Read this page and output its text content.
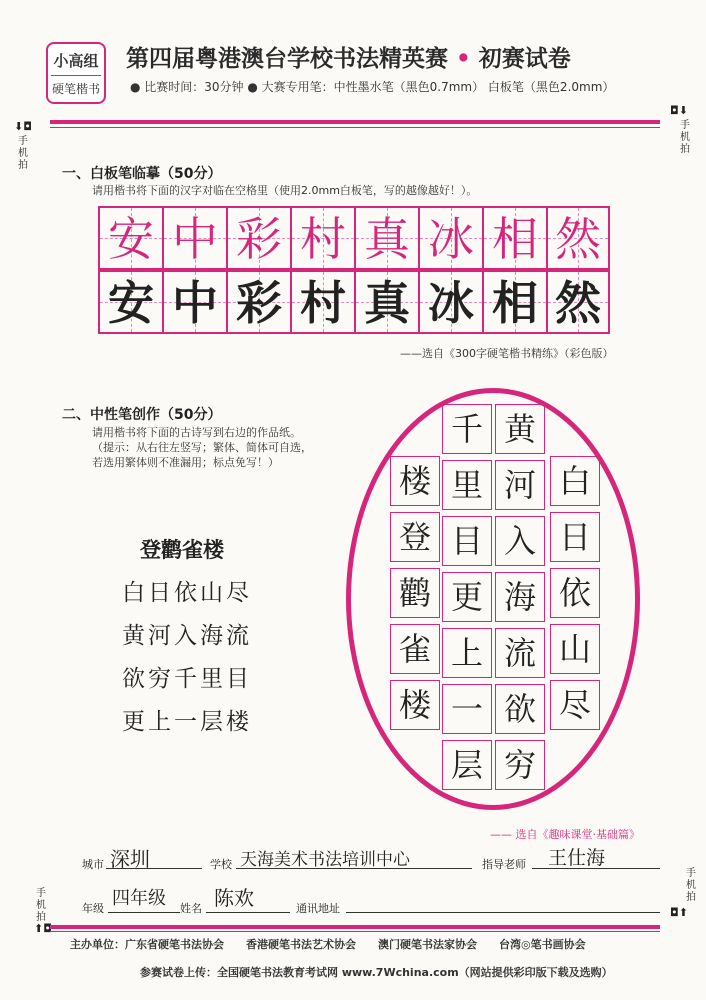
小高组
硬笔楷书
第四届粤港澳台学校书法精英赛 • 初赛试卷
● 比赛时间：30分钟 ● 大赛专用笔：中性墨水笔（黑色0.7mm） 白板笔（黑色2.0mm）
⬇◘
手
机
拍
◘⬇
手
机
拍
手
机
拍
⬆◘
手
机
拍
◘⬆
一、白板笔临摹（50分）
请用楷书将下面的汉字对临在空格里（使用2.0mm白板笔，写的越像越好！）。
安 中 彩 村 真 冰 相 然
安 中 彩 村 真 冰 相 然
——选自《300字硬笔楷书精练》（彩色版）
二、中性笔创作（50分）
请用楷书将下面的古诗写到右边的作品纸。
（提示：从右往左竖写；繁体、简体可自选，
若选用繁体则不准漏用；标点免写！）
登鹳雀楼
白日依山尽
黄河入海流
欲穷千里目
更上一层楼
白
日
依
山
尽
黄
河
入
海
流
欲
穷
千
里
目
更
上
一
层
楼
登
鹳
雀
楼
—— 选自《趣味课堂·基础篇》
城市 深圳	学校 天海美术书法培训中心	指导老师 王仕海
年级 四年级 姓名 陈欢	通讯地址
主办单位：广东省硬笔书法协会　　香港硬笔书法艺术协会　　澳门硬笔书法家协会　　台湾◎笔书画协会
参赛试卷上传：全国硬笔书法教育考试网 www.7Wchina.com（网站提供彩印版下载及选购）
